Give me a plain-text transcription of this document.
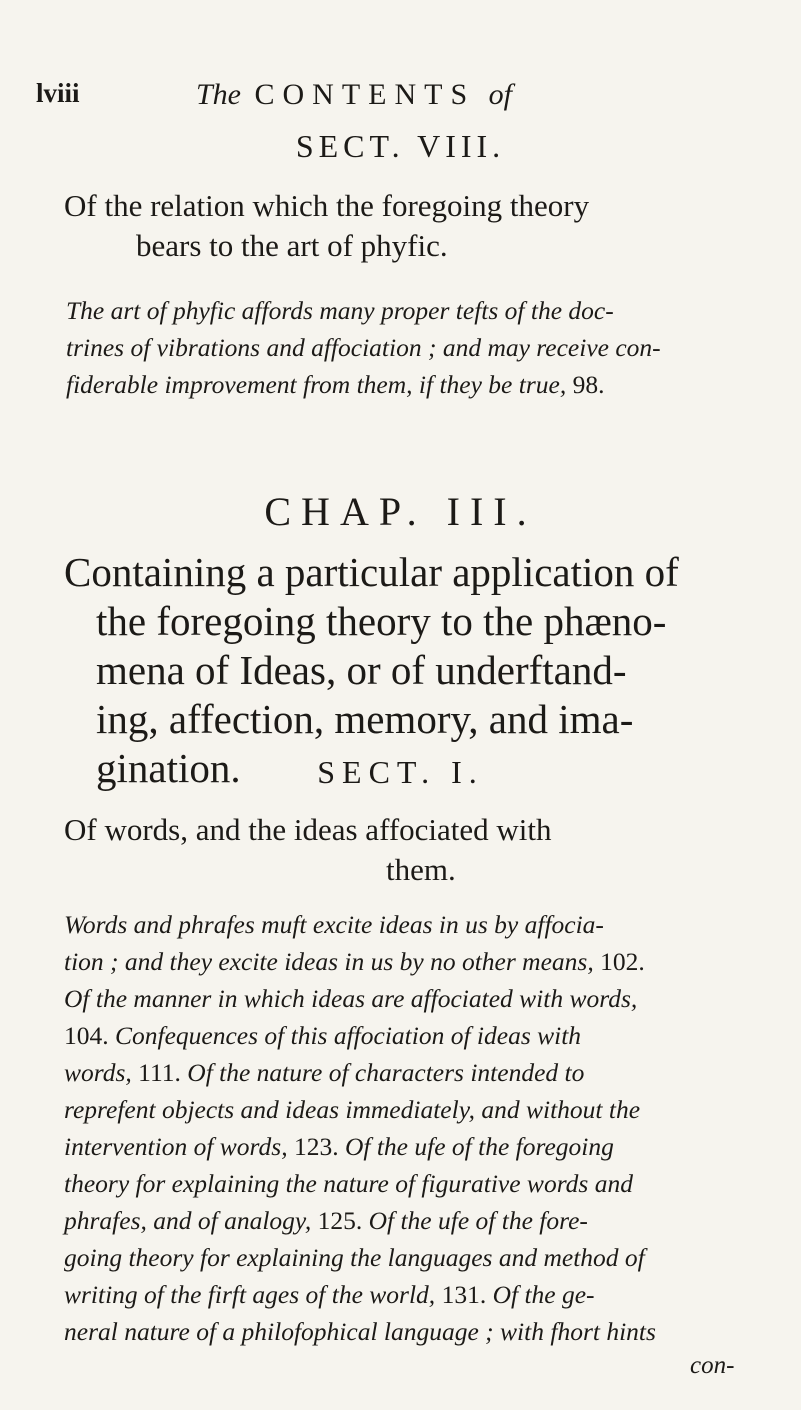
lviii	The CONTENTS of
SECT. VIII.
Of the relation which the foregoing theory
bears to the art of phyfic.
The art of phyfic affords many proper tefts of the doc-
trines of vibrations and affociation ; and may receive con-
fiderable improvement from them, if they be true, 98.
CHAP. III.
Containing a particular application of
the foregoing theory to the phæno-
mena of Ideas, or of underftand-
ing, affection, memory, and ima-
gination.	SECT. I.
Of words, and the ideas affociated with
them.
Words and phrafes muft excite ideas in us by affocia-
tion ; and they excite ideas in us by no other means, 102.
Of the manner in which ideas are affociated with words,
104. Confequences of this affociation of ideas with
words, 111. Of the nature of characters intended to
reprefent objects and ideas immediately, and without the
intervention of words, 123. Of the ufe of the foregoing
theory for explaining the nature of figurative words and
phrafes, and of analogy, 125. Of the ufe of the fore-
going theory for explaining the languages and method of
writing of the firft ages of the world, 131. Of the ge-
neral nature of a philofophical language ; with fhort hints
con-
